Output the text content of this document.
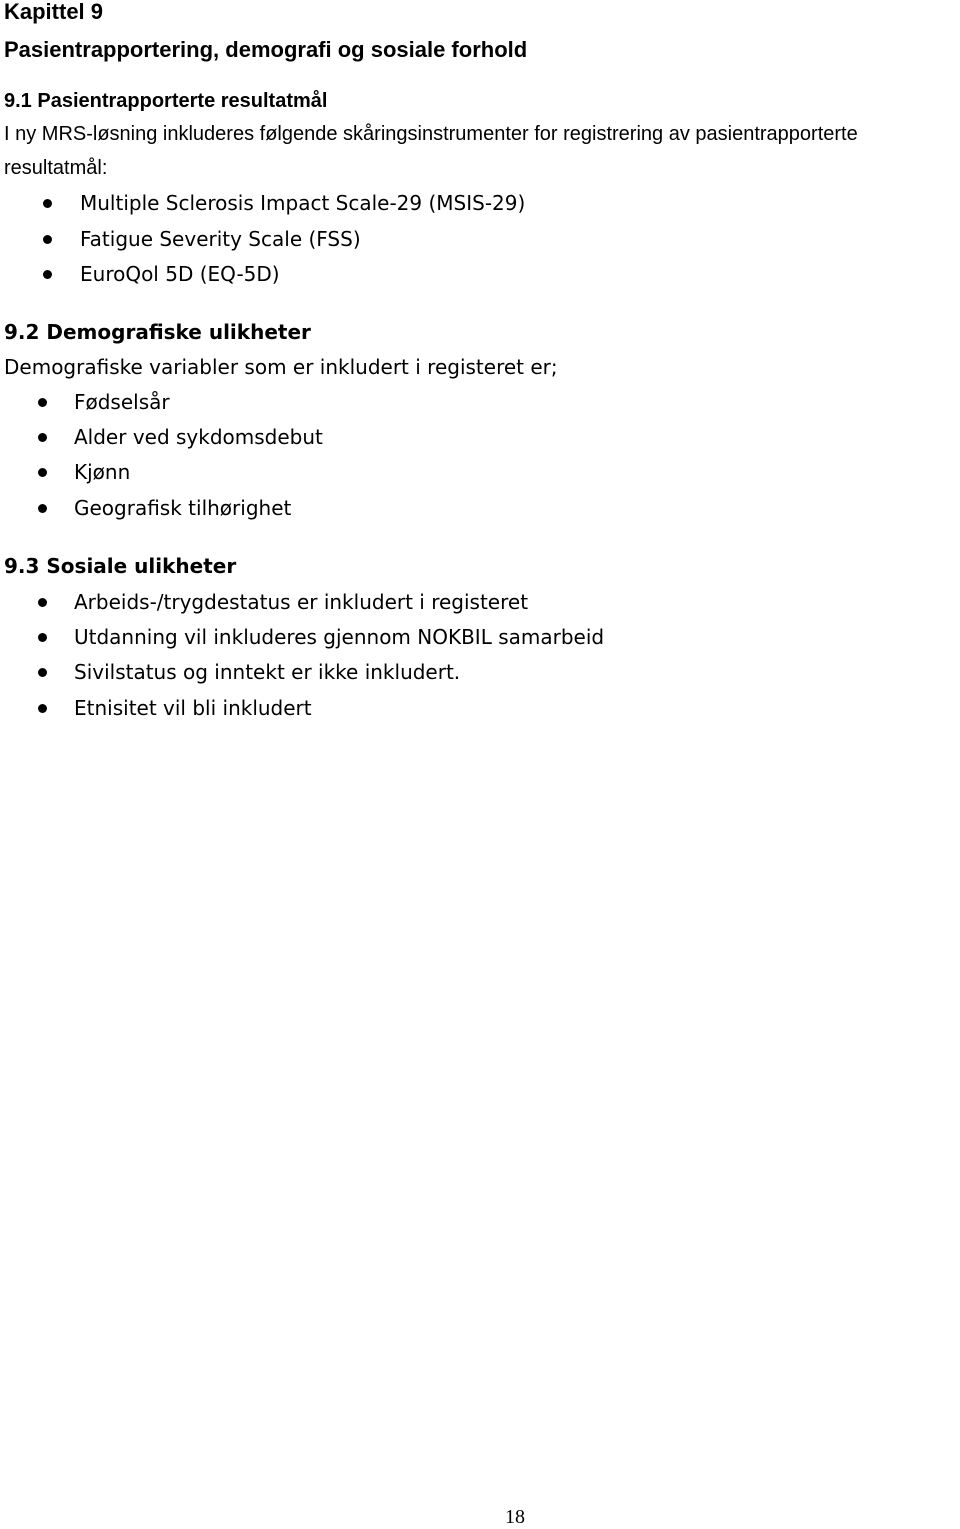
Kapittel 9
Pasientrapportering, demografi og sosiale forhold
9.1 Pasientrapporterte resultatmål
I ny MRS-løsning inkluderes følgende skåringsinstrumenter for registrering av pasientrapporterte
resultatmål:
Multiple Sclerosis Impact Scale-29 (MSIS-29)
Fatigue Severity Scale (FSS)
EuroQol 5D (EQ-5D)
9.2 Demografiske ulikheter
Demografiske variabler som er inkludert i registeret er;
Fødselsår
Alder ved sykdomsdebut
Kjønn
Geografisk tilhørighet
9.3 Sosiale ulikheter
Arbeids-/trygdestatus er inkludert i registeret
Utdanning vil inkluderes gjennom NOKBIL samarbeid
Sivilstatus og inntekt er ikke inkludert.
Etnisitet vil bli inkludert
18
